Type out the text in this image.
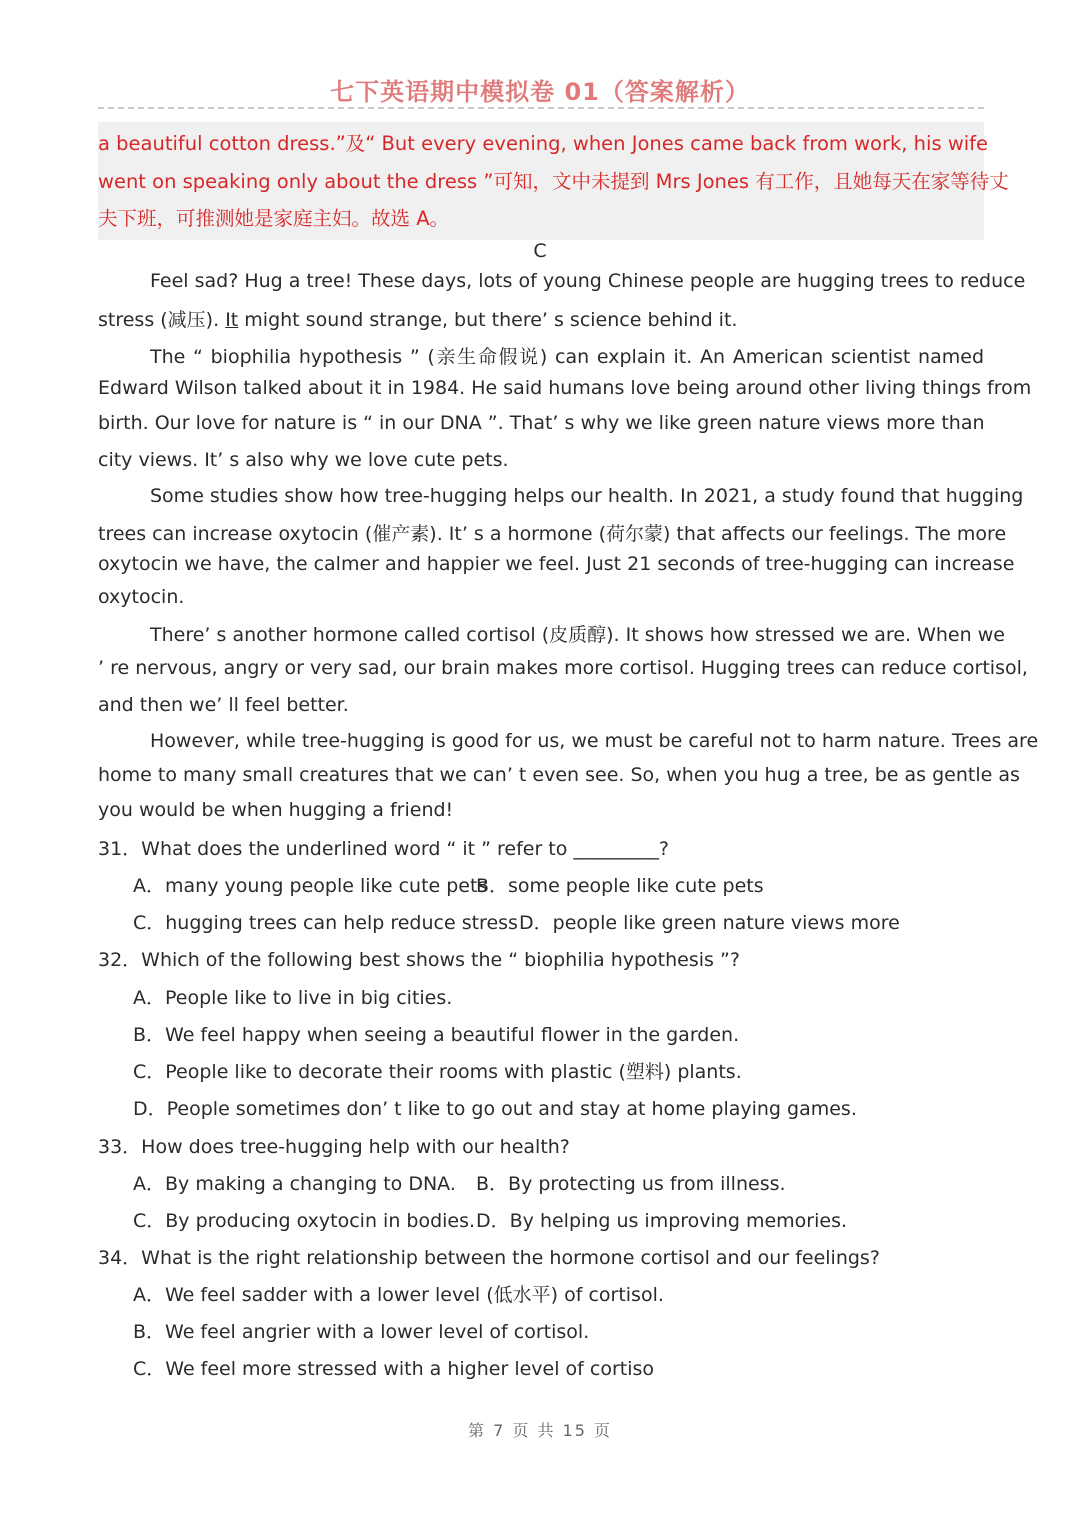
七下英语期中模拟卷 01（答案解析）
a beautiful cotton dress.”及“ But every evening, when Jones came back from work, his wife
went on speaking only about the dress ”可知，文中未提到 Mrs Jones 有工作，且她每天在家等待丈
夫下班，可推测她是家庭主妇。故选 A。
C
Feel sad? Hug a tree! These days, lots of young Chinese people are hugging trees to reduce
stress (减压). It might sound strange, but there’ s science behind it.
The “ biophilia hypothesis ” (亲生命假说) can explain it. An American scientist named
Edward Wilson talked about it in 1984. He said humans love being around other living things from
birth. Our love for nature is “ in our DNA ”. That’ s why we like green nature views more than
city views. It’ s also why we love cute pets.
Some studies show how tree-hugging helps our health. In 2021, a study found that hugging
trees can increase oxytocin (催产素). It’ s a hormone (荷尔蒙) that affects our feelings. The more
oxytocin we have, the calmer and happier we feel. Just 21 seconds of tree-hugging can increase
oxytocin.
There’ s another hormone called cortisol (皮质醇). It shows how stressed we are. When we
’ re nervous, angry or very sad, our brain makes more cortisol. Hugging trees can reduce cortisol,
and then we’ ll feel better.
However, while tree-hugging is good for us, we must be careful not to harm nature. Trees are
home to many small creatures that we can’ t even see. So, when you hug a tree, be as gentle as
you would be when hugging a friend!
31．What does the underlined word “ it ” refer to _________?
A．many young people like cute pets
B．some people like cute pets
C．hugging trees can help reduce stress D．people like green nature views more
32．Which of the following best shows the “ biophilia hypothesis ”?
A．People like to live in big cities.
B．We feel happy when seeing a beautiful flower in the garden.
C．People like to decorate their rooms with plastic (塑料) plants.
D．People sometimes don’ t like to go out and stay at home playing games.
33．How does tree-hugging help with our health?
A．By making a changing to DNA. B．By protecting us from illness.
C．By producing oxytocin in bodies. D．By helping us improving memories.
34．What is the right relationship between the hormone cortisol and our feelings?
A．We feel sadder with a lower level (低水平) of cortisol.
B．We feel angrier with a lower level of cortisol.
C．We feel more stressed with a higher level of cortiso
第 7 页 共 15 页
